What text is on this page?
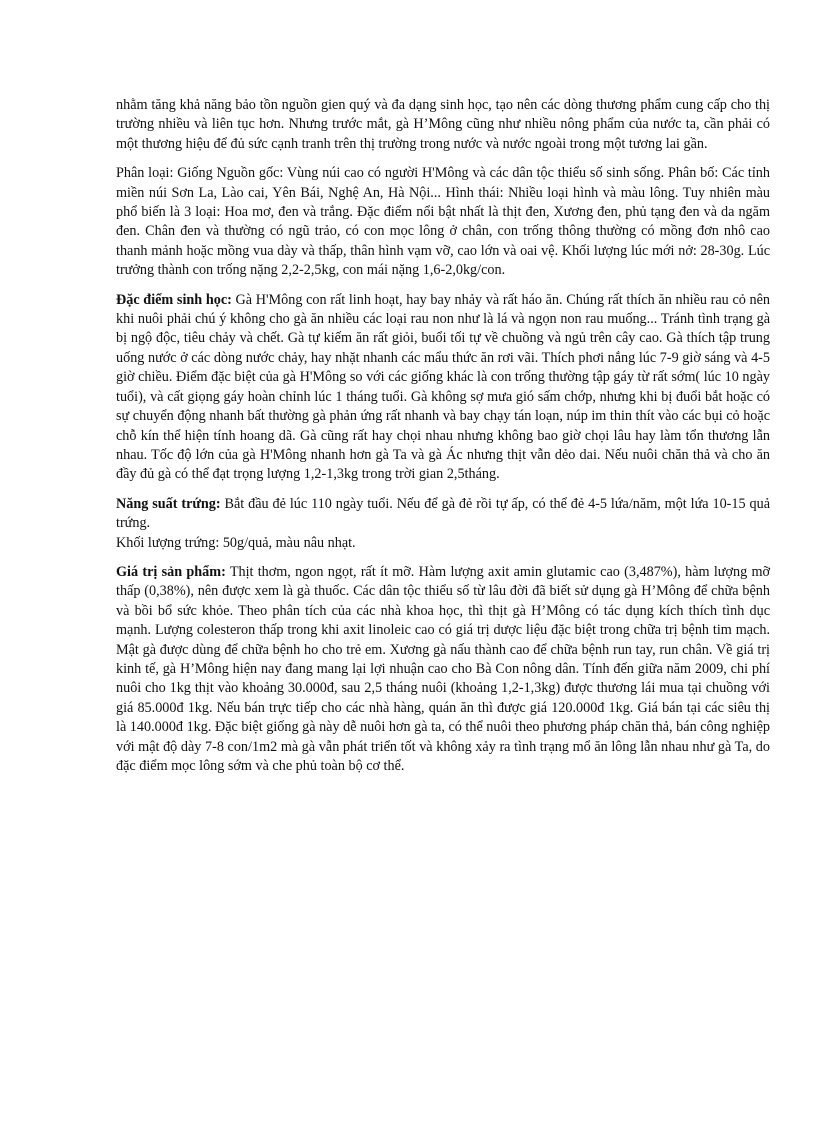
nhằm tăng khả năng bảo tồn nguồn gien quý và đa dạng sinh học, tạo nên các dòng thương phẩm cung cấp cho thị trường nhiều và liên tục hơn. Nhưng trước mắt, gà H’Mông cũng như nhiều nông phẩm của nước ta, cần phải có một thương hiệu để đủ sức cạnh tranh trên thị trường trong nước và nước ngoài trong một tương lai gần.

Phân loại: Giống Nguồn gốc: Vùng núi cao có người H'Mông và các dân tộc thiểu số sinh sống. Phân bố: Các tỉnh miền núi Sơn La, Lào cai, Yên Bái, Nghệ An, Hà Nội... Hình thái: Nhiều loại hình và màu lông. Tuy nhiên màu phổ biến là 3 loại: Hoa mơ, đen và trắng. Đặc điểm nổi bật nhất là thịt đen, Xương đen, phủ tạng đen và da ngăm đen. Chân đen và thường có ngũ trảo, có con mọc lông ở chân, con trống thông thường có mồng đơn nhô cao thanh mảnh hoặc mồng vua dày và thấp, thân hình vạm vỡ, cao lớn và oai vệ. Khối lượng lúc mới nở: 28-30g. Lúc trưởng thành con trống nặng 2,2-2,5kg, con mái nặng 1,6-2,0kg/con.

Đặc điểm sinh học: Gà H'Mông con rất linh hoạt, hay bay nhảy và rất háo ăn. Chúng rất thích ăn nhiều rau cỏ nên khi nuôi phải chú ý không cho gà ăn nhiều các loại rau non như là lá và ngọn non rau muống... Tránh tình trạng gà bị ngộ độc, tiêu chảy và chết. Gà tự kiếm ăn rất giỏi, buổi tối tự về chuồng và ngủ trên cây cao. Gà thích tập trung uống nước ở các dòng nước chảy, hay nhặt nhanh các mẩu thức ăn rơi vãi. Thích phơi nắng lúc 7-9 giờ sáng và 4-5 giờ chiều. Điểm đặc biệt của gà H'Mông so với các giống khác là con trống thường tập gáy từ rất sớm( lúc 10 ngày tuổi), và cất giọng gáy hoàn chỉnh lúc 1 tháng tuổi. Gà không sợ mưa gió sấm chớp, nhưng khi bị đuổi bắt hoặc có sự chuyển động nhanh bất thường gà phản ứng rất nhanh và bay chạy tán loạn, núp im thin thít vào các bụi cỏ hoặc chỗ kín thể hiện tính hoang dã. Gà cũng rất hay chọi nhau nhưng không bao giờ chọi lâu hay làm tổn thương lẫn nhau. Tốc độ lớn của gà H'Mông nhanh hơn gà Ta và gà Ác nhưng thịt vẫn dẻo dai. Nếu nuôi chăn thả và cho ăn đầy đủ gà có thể đạt trọng lượng 1,2-1,3kg trong trời gian 2,5tháng.

Năng suất trứng: Bắt đầu đẻ lúc 110 ngày tuổi. Nếu để gà đẻ rồi tự ấp, có thể đẻ 4-5 lứa/năm, một lứa 10-15 quả trứng.
Khối lượng trứng: 50g/quả, màu nâu nhạt.

Giá trị sản phẩm: Thịt thơm, ngon ngọt, rất ít mỡ. Hàm lượng axit amin glutamic cao (3,487%), hàm lượng mỡ thấp (0,38%), nên được xem là gà thuốc. Các dân tộc thiểu số từ lâu đời đã biết sử dụng gà H’Mông để chữa bệnh và bồi bổ sức khỏe. Theo phân tích của các nhà khoa học, thì thịt gà H’Mông có tác dụng kích thích tình dục mạnh. Lượng colesteron thấp trong khi axit linoleic cao có giá trị dược liệu đặc biệt trong chữa trị bệnh tim mạch. Mật gà được dùng để chữa bệnh ho cho trẻ em. Xương gà nấu thành cao để chữa bệnh run tay, run chân. Về giá trị kinh tế, gà H’Mông hiện nay đang mang lại lợi nhuận cao cho Bà Con nông dân. Tính đến giữa năm 2009, chi phí nuôi cho 1kg thịt vào khoảng 30.000đ, sau 2,5 tháng nuôi (khoảng 1,2-1,3kg) được thương lái mua tại chuồng với giá 85.000đ 1kg. Nếu bán trực tiếp cho các nhà hàng, quán ăn thì được giá 120.000đ 1kg. Giá bán tại các siêu thị là 140.000đ 1kg. Đặc biệt giống gà này dễ nuôi hơn gà ta, có thể nuôi theo phương pháp chăn thả, bán công nghiệp với mật độ dày 7-8 con/1m2 mà gà vẫn phát triển tốt và không xảy ra tình trạng mổ ăn lông lẫn nhau như gà Ta, do đặc điểm mọc lông sớm và che phủ toàn bộ cơ thể.
